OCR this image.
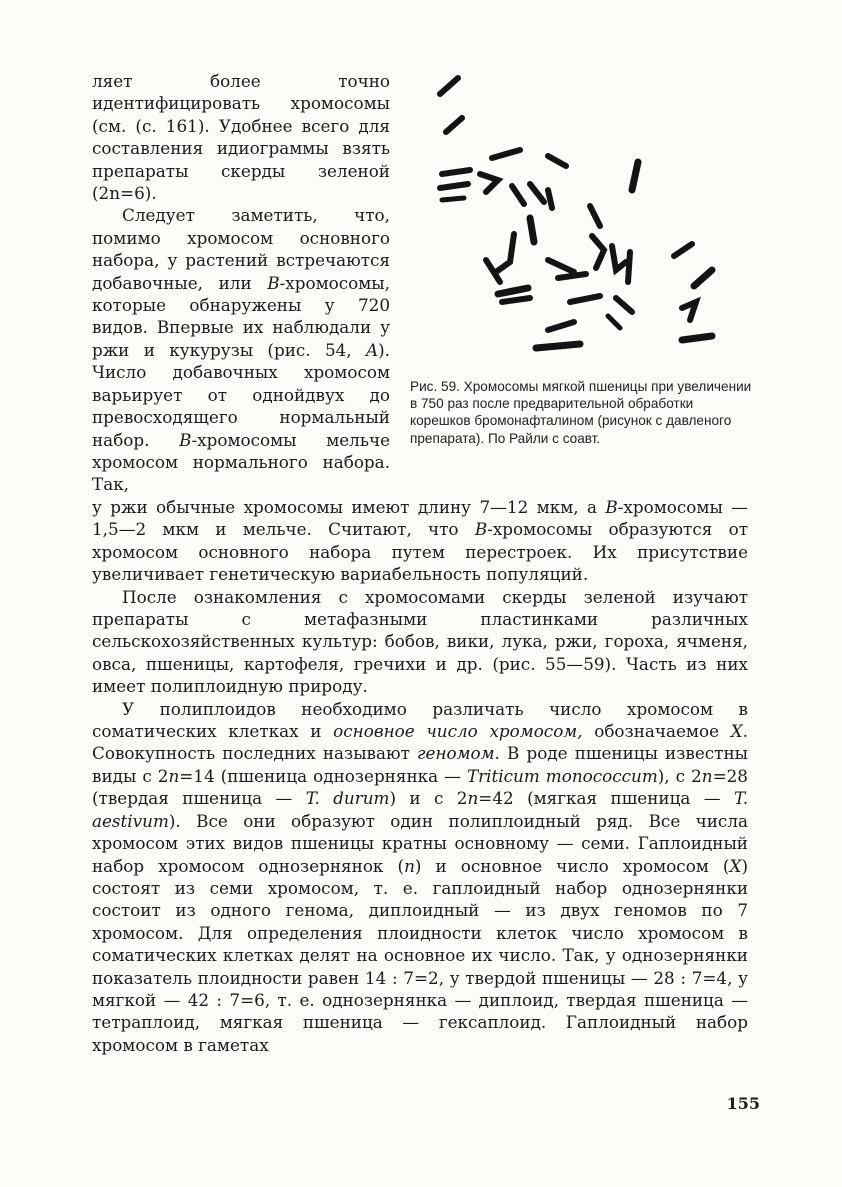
ляет более точно идентифицировать хромосомы (см. (с. 161). Удобнее всего для составления идиограммы взять препараты скерды зеленой (2n=6).

Следует заметить, что, помимо хромосом основного набора, у растений встречаются добавочные, или B-хромосомы, которые обнаружены у 720 видов. Впервые их наблюдали у ржи и кукурузы (рис. 54, A). Число добавочных хромосом варьирует от однойдвух до превосходящего нормальный набор. B-хромосомы мельче хромосом нормального набора. Так,

Рис. 59. Хромосомы мягкой пшеницы при увеличении в 750 раз после предварительной обработки корешков бромонафталином (рисунок с давленого препарата). По Райли с соавт.

у ржи обычные хромосомы имеют длину 7—12 мкм, а B-хромосомы — 1,5—2 мкм и мельче. Считают, что B-хромосомы образуются от хромосом основного набора путем перестроек. Их присутствие увеличивает генетическую вариабельность популяций.

После ознакомления с хромосомами скерды зеленой изучают препараты с метафазными пластинками различных сельскохозяйственных культур: бобов, вики, лука, ржи, гороха, ячменя, овса, пшеницы, картофеля, гречихи и др. (рис. 55—59). Часть из них имеет полиплоидную природу.

У полиплоидов необходимо различать число хромосом в соматических клетках и основное число хромосом, обозначаемое X. Совокупность последних называют геномом. В роде пшеницы известны виды с 2n=14 (пшеница однозернянка — Triticum monococcum), с 2n=28 (твердая пшеница — T. durum) и с 2n=42 (мягкая пшеница — T. aestivum). Все они образуют один полиплоидный ряд. Все числа хромосом этих видов пшеницы кратны основному — семи. Гаплоидный набор хромосом однозернянок (n) и основное число хромосом (X) состоят из семи хромосом, т. е. гаплоидный набор однозернянки состоит из одного генома, диплоидный — из двух геномов по 7 хромосом. Для определения плоидности клеток число хромосом в соматических клетках делят на основное их число. Так, у однозернянки показатель плоидности равен 14 : 7=2, у твердой пшеницы — 28 : 7=4, у мягкой — 42 : 7=6, т. е. однозернянка — диплоид, твердая пшеница — тетраплоид, мягкая пшеница — гексаплоид. Гаплоидный набор хромосом в гаметах

155
